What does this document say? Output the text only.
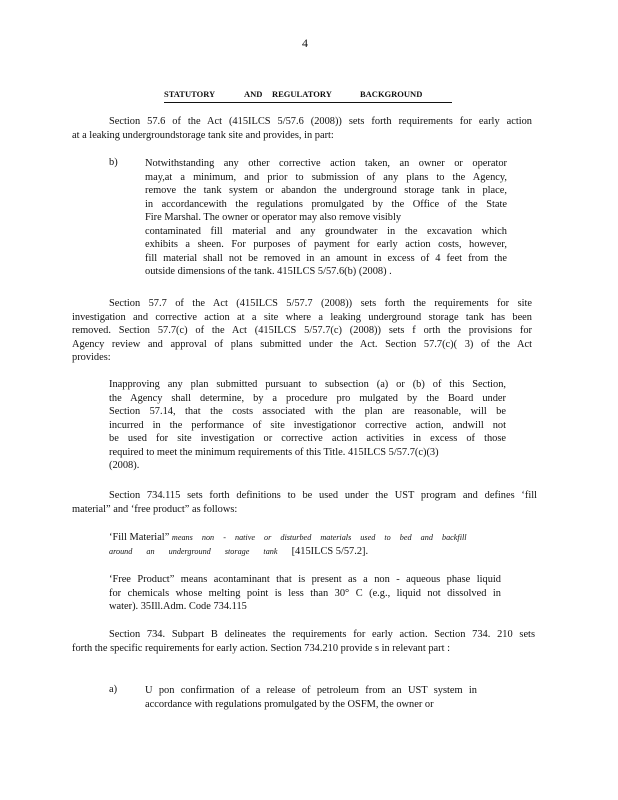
4
STATUTORY	AND REGULATORY	BACKGROUND
Section 57.6 of the Act (415ILCS 5/57.6 (2008)) sets forth requirements for early action
at a leaking undergroundstorage tank site and provides, in part:
b)	Notwithstanding any other corrective action taken, an owner or operator
may,at a minimum, and prior to submission of any plans to the Agency,
remove the tank system or abandon the underground storage tank in place,
in accordancewith the regulations promulgated by the Office of the State
Fire Marshal. The owner or operator may also remove visibly
contaminated fill material and any groundwater in the excavation which
exhibits a sheen. For purposes of payment for early action costs, however,
fill material shall not be removed in an amount in excess of 4 feet from the
outside dimensions of the tank. 415ILCS 5/57.6(b) (2008) .
Section 57.7 of the Act (415ILCS 5/57.7 (2008)) sets forth the requirements for site
investigation and corrective action at a site where a leaking underground storage tank has been
removed. Section 57.7(c) of the Act (415ILCS 5/57.7(c) (2008)) sets f orth the provisions for
Agency review and approval of plans submitted under the Act. Section 57.7(c)( 3) of the Act
provides:
Inapproving any plan submitted pursuant to subsection (a) or (b) of this Section,
the Agency shall determine, by a procedure pro mulgated by the Board under
Section 57.14, that the costs associated with the plan are reasonable, will be
incurred in the performance of site investigationor corrective action, andwill not
be used for site investigation or corrective action activities in excess of those
required to meet the minimum requirements of this Title. 415ILCS 5/57.7(c)(3)
(2008).
Section 734.115 sets forth definitions to be used under the UST program and defines ‘fill
material” and ‘free product” as follows:
‘Fill Material” means non - native or disturbed materials used to bed and backfill
around an underground storage tank [415ILCS 5/57.2].
‘Free Product” means acontaminant that is present as a non - aqueous phase liquid
for chemicals whose melting point is less than 30° C (e.g., liquid not dissolved in
water). 35Ill.Adm. Code 734.115
Section 734. Subpart B delineates the requirements for early action. Section 734. 210 sets
forth the specific requirements for early action. Section 734.210 provide s in relevant part :
a)	U pon confirmation of a release of petroleum from an UST system in
accordance with regulations promulgated by the OSFM, the owner or
